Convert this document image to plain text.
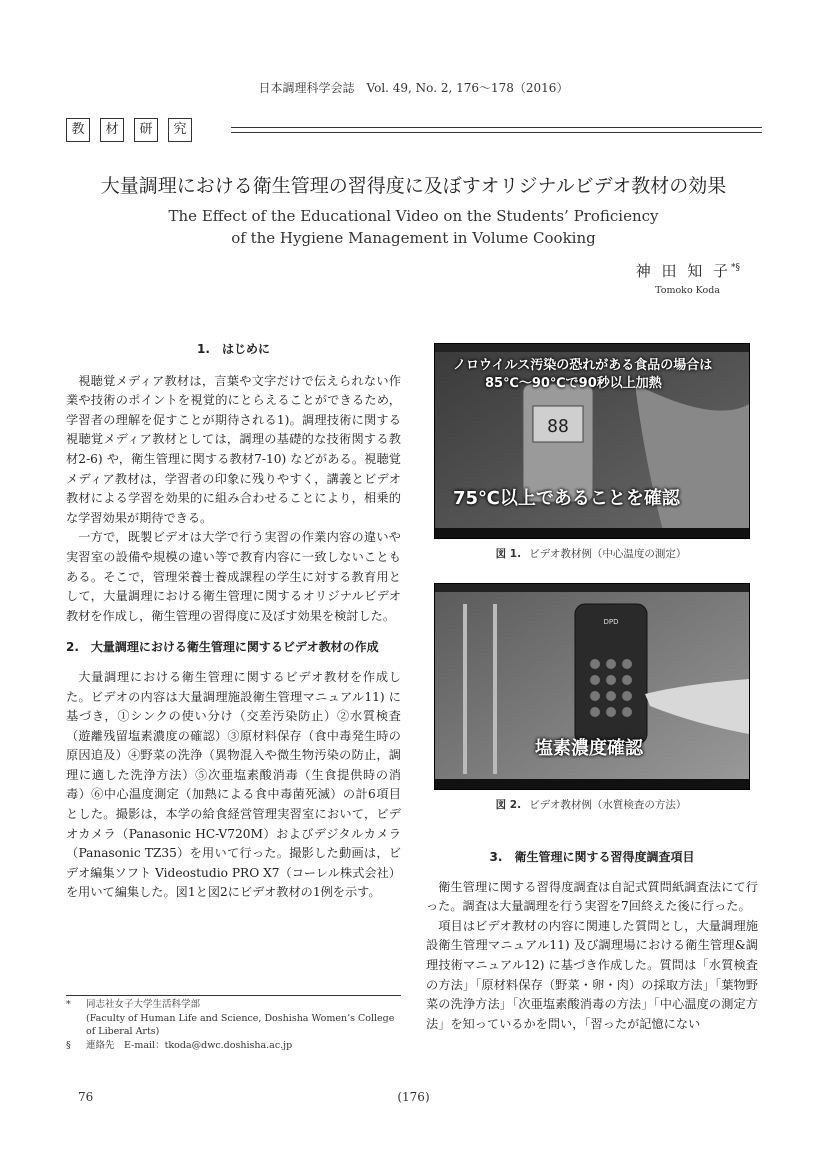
日本調理科学会誌　Vol. 49, No. 2, 176～178（2016）
教	材	研	究
大量調理における衛生管理の習得度に及ぼすオリジナルビデオ教材の効果
The Effect of the Educational Video on the Students’ Proficiency
of the Hygiene Management in Volume Cooking
神 田 知 子*§
Tomoko Koda
1.　はじめに

視聴覚メディア教材は，言葉や文字だけで伝えられない作業や技術のポイントを視覚的にとらえることができるため，学習者の理解を促すことが期待される1)。調理技術に関する視聴覚メディア教材としては，調理の基礎的な技術関する教材2-6) や，衛生管理に関する教材7-10) などがある。視聴覚メディア教材は，学習者の印象に残りやすく，講義とビデオ教材による学習を効果的に組み合わせることにより，相乗的な学習効果が期待できる。

一方で，既製ビデオは大学で行う実習の作業内容の違いや実習室の設備や規模の違い等で教育内容に一致しないこともある。そこで，管理栄養士養成課程の学生に対する教育用として，大量調理における衛生管理に関するオリジナルビデオ教材を作成し，衛生管理の習得度に及ぼす効果を検討した。

2.　大量調理における衛生管理に関するビデオ教材の作成

大量調理における衛生管理に関するビデオ教材を作成した。ビデオの内容は大量調理施設衛生管理マニュアル11) に基づき，①シンクの使い分け（交差汚染防止）②水質検査（遊離残留塩素濃度の確認）③原材料保存（食中毒発生時の原因追及）④野菜の洗浄（異物混入や微生物汚染の防止，調理に適した洗浄方法）⑤次亜塩素酸消毒（生食提供時の消毒）⑥中心温度測定（加熱による食中毒菌死滅）の計6項目とした。撮影は，本学の給食経営管理実習室において，ビデオカメラ（Panasonic HC-V720M）およびデジタルカメラ（Panasonic TZ35）を用いて行った。撮影した動画は，ビデオ編集ソフト Videostudio PRO X7（コーレル株式会社）を用いて編集した。図1と図2にビデオ教材の1例を示す。

*	同志社女子大学生活科学部
(Faculty of Human Life and Science, Doshisha Women’s College of Liberal Arts)
§	連絡先　E-mail：tkoda@dwc.doshisha.ac.jp
88
ノロウイルス汚染の恐れがある食品の場合は
85℃～90℃で90秒以上加熱
75℃以上であることを確認
図 1. ビデオ教材例（中心温度の測定）
DPD
塩素濃度確認
図 2. ビデオ教材例（水質検査の方法）
3.　衛生管理に関する習得度調査項目

衛生管理に関する習得度調査は自記式質問紙調査法にて行った。調査は大量調理を行う実習を7回終えた後に行った。

項目はビデオ教材の内容に関連した質問とし，大量調理施設衛生管理マニュアル11) 及び調理場における衛生管理&調理技術マニュアル12) に基づき作成した。質問は「水質検査の方法」「原材料保存（野菜・卵・肉）の採取方法」「葉物野菜の洗浄方法」「次亜塩素酸消毒の方法」「中心温度の測定方法」を知っているかを問い，「習ったが記憶にない

76	(176)
